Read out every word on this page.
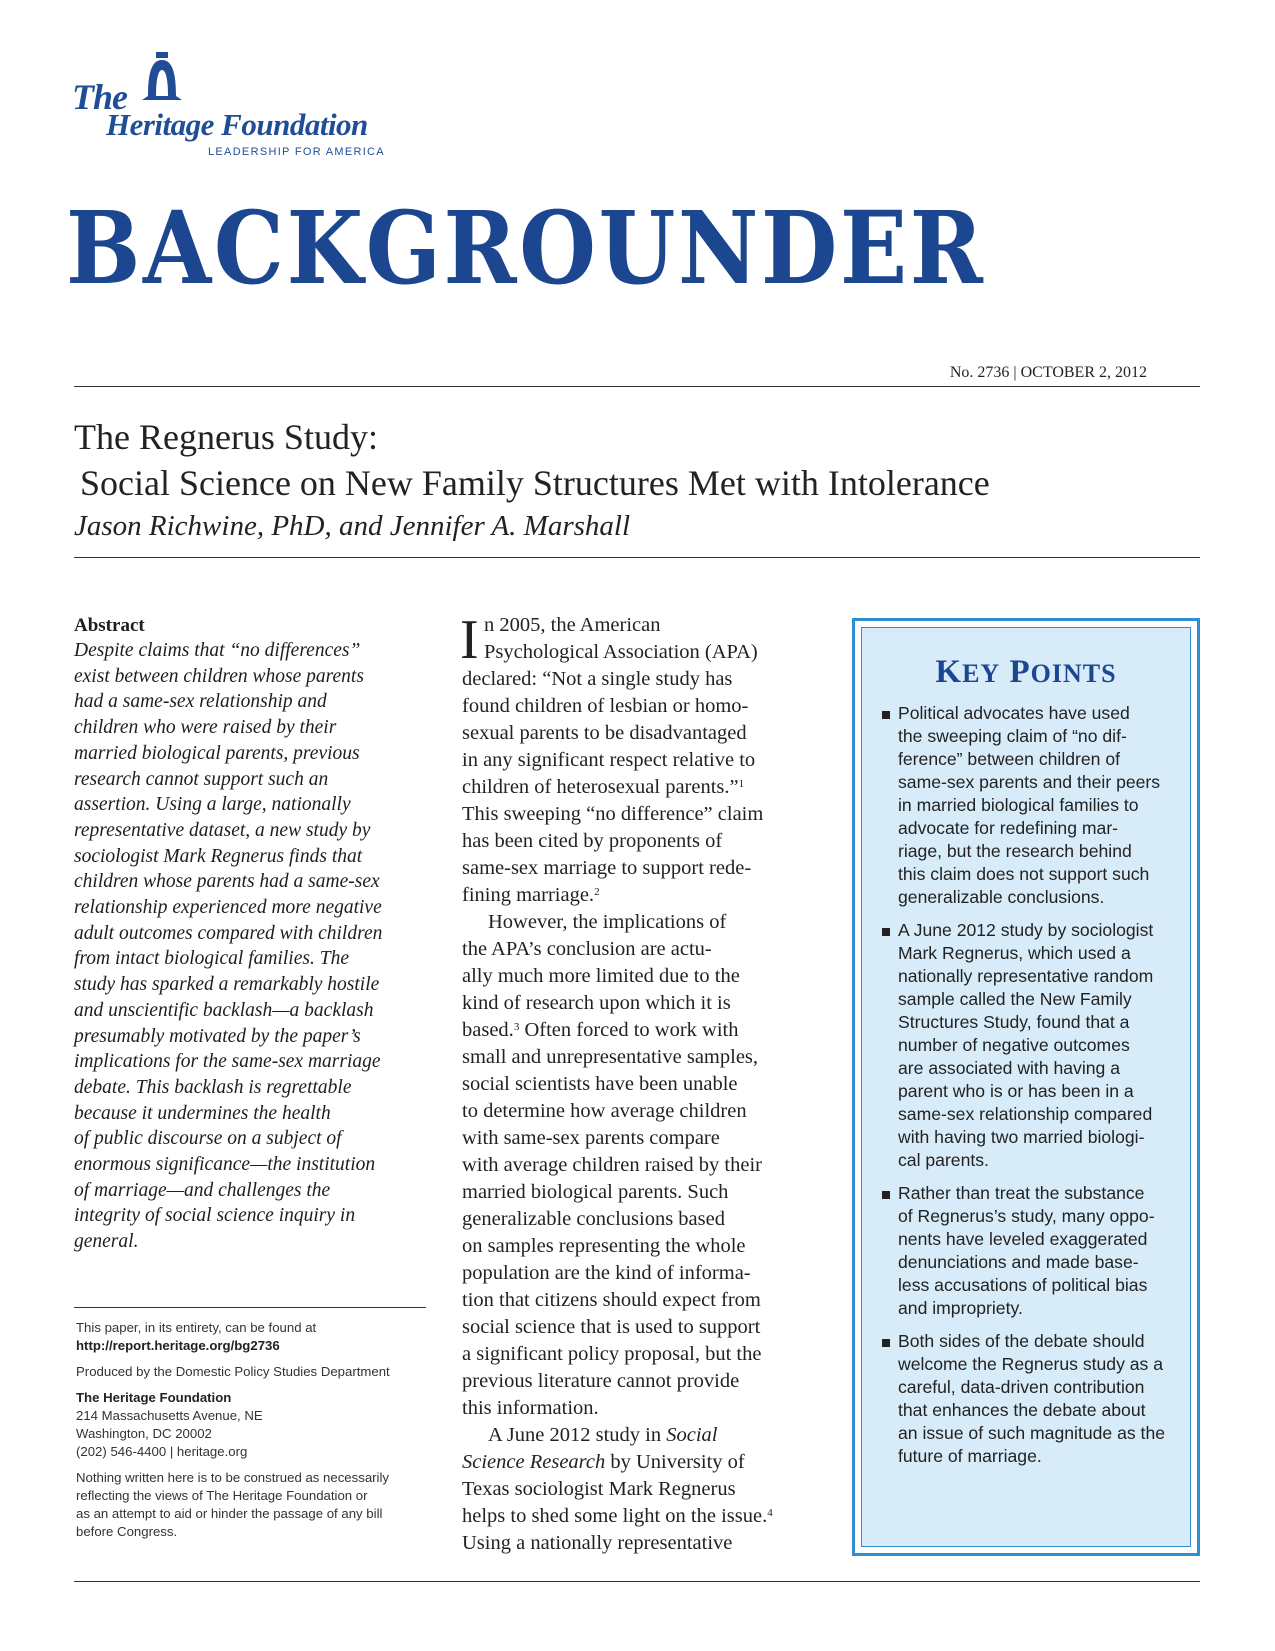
The
Heritage Foundation
LEADERSHIP FOR AMERICA
BACKGROUNDER
No. 2736 | OCTOBER 2, 2012
The Regnerus Study:
Social Science on New Family Structures Met with Intolerance
Jason Richwine, PhD, and Jennifer A. Marshall
Abstract
Despite claims that “no differences”
exist between children whose parents
had a same-sex relationship and
children who were raised by their
married biological parents, previous
research cannot support such an
assertion. Using a large, nationally
representative dataset, a new study by
sociologist Mark Regnerus finds that
children whose parents had a same-sex
relationship experienced more negative
adult outcomes compared with children
from intact biological families. The
study has sparked a remarkably hostile
and unscientific backlash—a backlash
presumably motivated by the paper’s
implications for the same-sex marriage
debate. This backlash is regrettable
because it undermines the health
of public discourse on a subject of
enormous significance—the institution
of marriage—and challenges the
integrity of social science inquiry in
general.
This paper, in its entirety, can be found at
http://report.heritage.org/bg2736
Produced by the Domestic Policy Studies Department
The Heritage Foundation
214 Massachusetts Avenue, NE
Washington, DC 20002
(202) 546-4400 | heritage.org
Nothing written here is to be construed as necessarily
reflecting the views of The Heritage Foundation or
as an attempt to aid or hinder the passage of any bill
before Congress.
I n 2005, the American
Psychological Association (APA)
declared: “Not a single study has
found children of lesbian or homo-
sexual parents to be disadvantaged
in any significant respect relative to
children of heterosexual parents.”$^1$
This sweeping “no difference” claim
has been cited by proponents of
same-sex marriage to support rede-
fining marriage.$^2$
However, the implications of
the APA’s conclusion are actu-
ally much more limited due to the
kind of research upon which it is
based.$^3$ Often forced to work with
small and unrepresentative samples,
social scientists have been unable
to determine how average children
with same-sex parents compare
with average children raised by their
married biological parents. Such
generalizable conclusions based
on samples representing the whole
population are the kind of informa-
tion that citizens should expect from
social science that is used to support
a significant policy proposal, but the
previous literature cannot provide
this information.
A June 2012 study in Social
Science Research by University of
Texas sociologist Mark Regnerus
helps to shed some light on the issue.$^4$
Using a nationally representative
KEY POINTS
Political advocates have used
the sweeping claim of “no dif-
ference” between children of
same-sex parents and their peers
in married biological families to
advocate for redefining mar-
riage, but the research behind
this claim does not support such
generalizable conclusions.
A June 2012 study by sociologist
Mark Regnerus, which used a
nationally representative random
sample called the New Family
Structures Study, found that a
number of negative outcomes
are associated with having a
parent who is or has been in a
same-sex relationship compared
with having two married biologi-
cal parents.
Rather than treat the substance
of Regnerus’s study, many oppo-
nents have leveled exaggerated
denunciations and made base-
less accusations of political bias
and impropriety.
Both sides of the debate should
welcome the Regnerus study as a
careful, data-driven contribution
that enhances the debate about
an issue of such magnitude as the
future of marriage.
